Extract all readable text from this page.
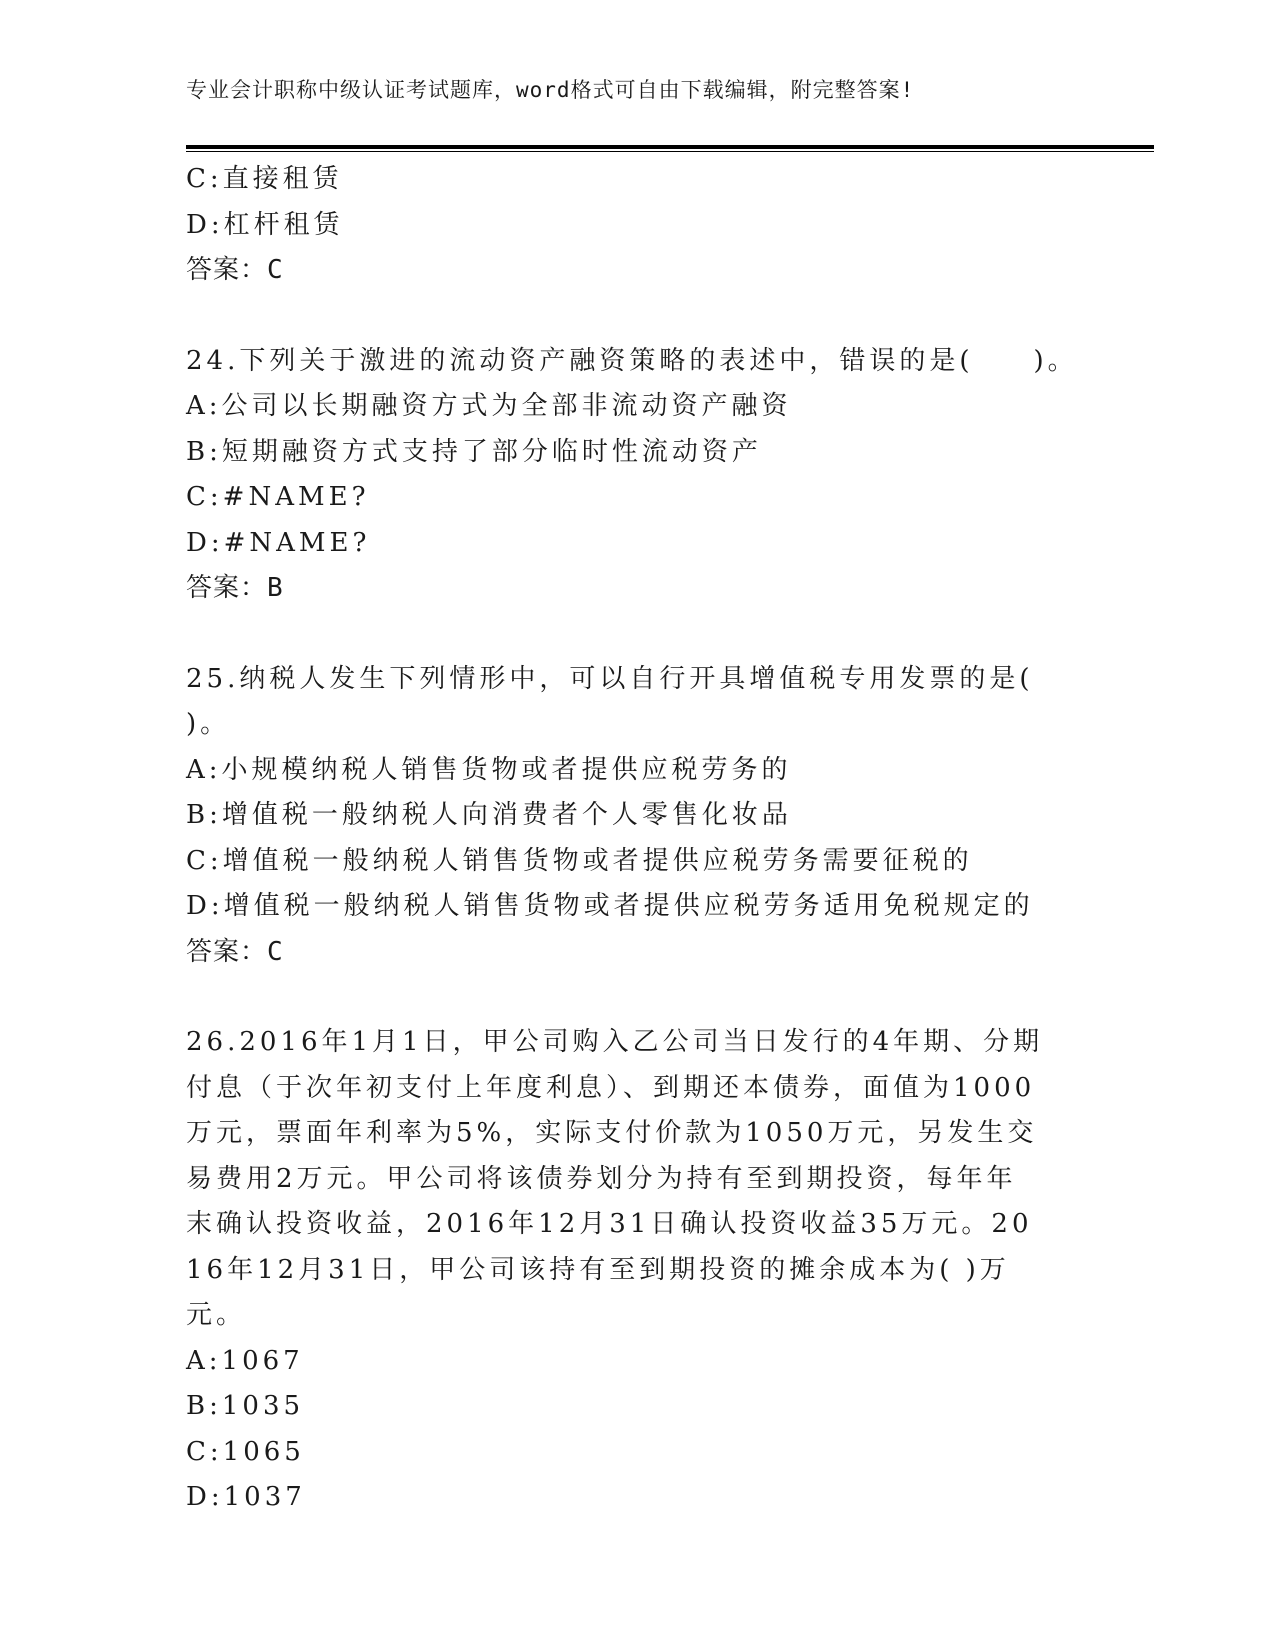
专业会计职称中级认证考试题库，word格式可自由下载编辑，附完整答案!
C:直接租赁
D:杠杆租赁
答案：C
24.下列关于激进的流动资产融资策略的表述中，错误的是(　　)。
A:公司以长期融资方式为全部非流动资产融资
B:短期融资方式支持了部分临时性流动资产
C:#NAME?
D:#NAME?
答案：B
25.纳税人发生下列情形中，可以自行开具增值税专用发票的是(　　)。
A:小规模纳税人销售货物或者提供应税劳务的
B:增值税一般纳税人向消费者个人零售化妆品
C:增值税一般纳税人销售货物或者提供应税劳务需要征税的
D:增值税一般纳税人销售货物或者提供应税劳务适用免税规定的
答案：C
26.2016年1月1日，甲公司购入乙公司当日发行的4年期、分期付息（于次年初支付上年度利息）、到期还本债券，面值为1000万元，票面年利率为5%，实际支付价款为1050万元，另发生交易费用2万元。甲公司将该债券划分为持有至到期投资，每年年末确认投资收益，2016年12月31日确认投资收益35万元。2016年12月31日，甲公司该持有至到期投资的摊余成本为( )万元。
A:1067
B:1035
C:1065
D:1037
